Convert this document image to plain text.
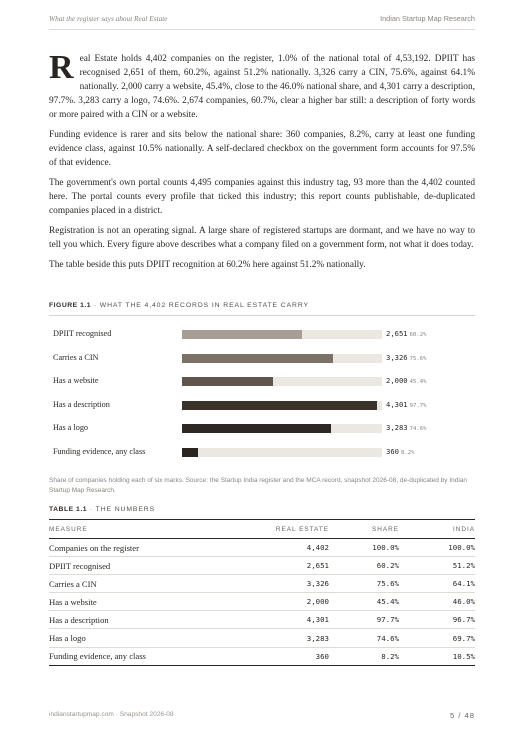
What the register says about Real Estate	Indian Startup Map Research

Real Estate holds 4,402 companies on the register, 1.0% of the national total of 4,53,192. DPIIT has recognised 2,651 of them, 60.2%, against 51.2% nationally. 3,326 carry a CIN, 75.6%, against 64.1% nationally. 2,000 carry a website, 45.4%, close to the 46.0% national share, and 4,301 carry a description, 97.7%. 3,283 carry a logo, 74.6%. 2,674 companies, 60.7%, clear a higher bar still: a description of forty words or more paired with a CIN or a website.

Funding evidence is rarer and sits below the national share: 360 companies, 8.2%, carry at least one funding evidence class, against 10.5% nationally. A self-declared checkbox on the government form accounts for 97.5% of that evidence.

The government's own portal counts 4,495 companies against this industry tag, 93 more than the 4,402 counted here. The portal counts every profile that ticked this industry; this report counts publishable, de-duplicated companies placed in a district.

Registration is not an operating signal. A large share of registered startups are dormant, and we have no way to tell you which. Every figure above describes what a company filed on a government form, not what it does today.

The table beside this puts DPIIT recognition at 60.2% here against 51.2% nationally.

FIGURE 1.1 · WHAT THE 4,402 RECORDS IN REAL ESTATE CARRY
DPIIT recognised	2,651 60.2%
Carries a CIN	3,326 75.6%
Has a website	2,000 45.4%
Has a description	4,301 97.7%
Has a logo	3,283 74.6%
Funding evidence, any class	360 8.2%
Share of companies holding each of six marks. Source: the Startup India register and the MCA record, snapshot 2026-08, de-duplicated by Indian Startup Map Research.
TABLE 1.1 · THE NUMBERS
MEASURE	REAL ESTATE	SHARE	INDIA
Companies on the register	4,402	100.0%	100.0%
DPIIT recognised	2,651	60.2%	51.2%
Carries a CIN	3,326	75.6%	64.1%
Has a website	2,000	45.4%	46.0%
Has a description	4,301	97.7%	96.7%
Has a logo	3,283	74.6%	69.7%
Funding evidence, any class	360	8.2%	10.5%
indianstartupmap.com · Snapshot 2026-08	5 / 48
